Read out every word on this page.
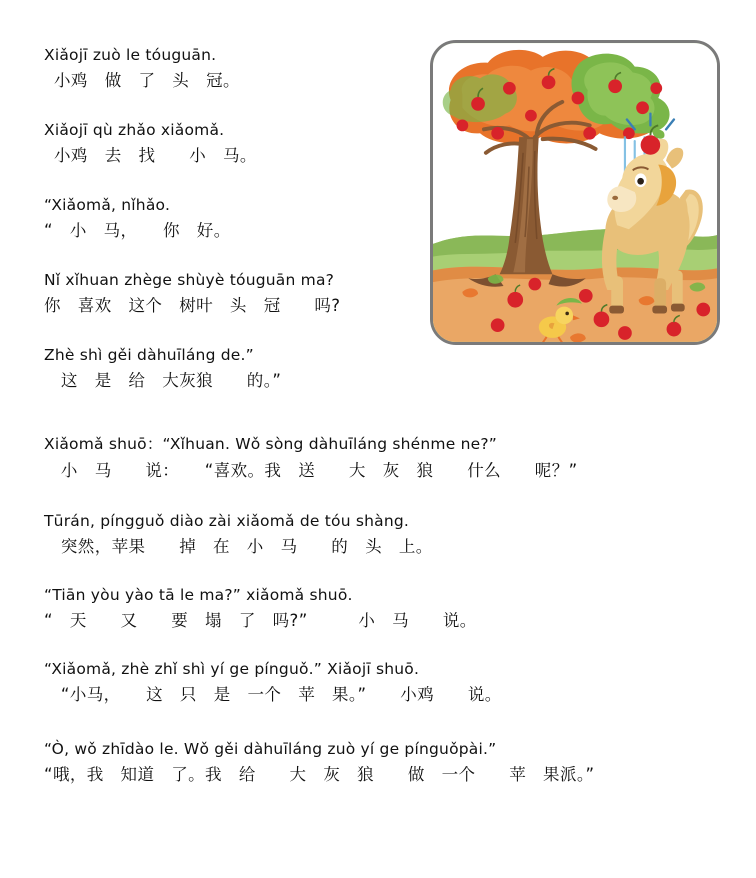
Xiǎojī zuò le tóuguān.
小鸡　做　了　头　冠。
Xiǎojī qù zhǎo xiǎomǎ.
小鸡　去　找　　小　马。
“Xiǎomǎ, nǐhǎo.
“　小　马，　　你　好。
Nǐ xǐhuan zhège shùyè tóuguān ma?
你　喜欢　这个　树叶　头　冠　　吗?
Zhè shì gěi dàhuīláng de.”
　这　是　给　大灰狼　　的。”
Xiǎomǎ shuō：“Xǐhuan. Wǒ sòng dàhuīláng shénme ne?”
　小　马　　说：　　“喜欢。我　送　　大　灰　狼　　什么　　呢？”
Tūrán, píngguǒ diào zài xiǎomǎ de tóu shàng.
　突然，苹果　　掉　在　小　马　　的　头　上。
“Tiān yòu yào tā le ma?” xiǎomǎ shuō.
“　天　　又　　要　塌　了　吗?”　　　小　马　　说。
“Xiǎomǎ, zhè zhǐ shì yí ge pínguǒ.” Xiǎojī shuō.
　“小马，　　这　只　是　一个　苹　果。”　　小鸡　　说。
“Ò, wǒ zhīdào le. Wǒ gěi dàhuīláng zuò yí ge pínguǒpài.”
“哦，我　知道　了。我　给　　大　灰　狼　　做　一个　　苹　果派。”
